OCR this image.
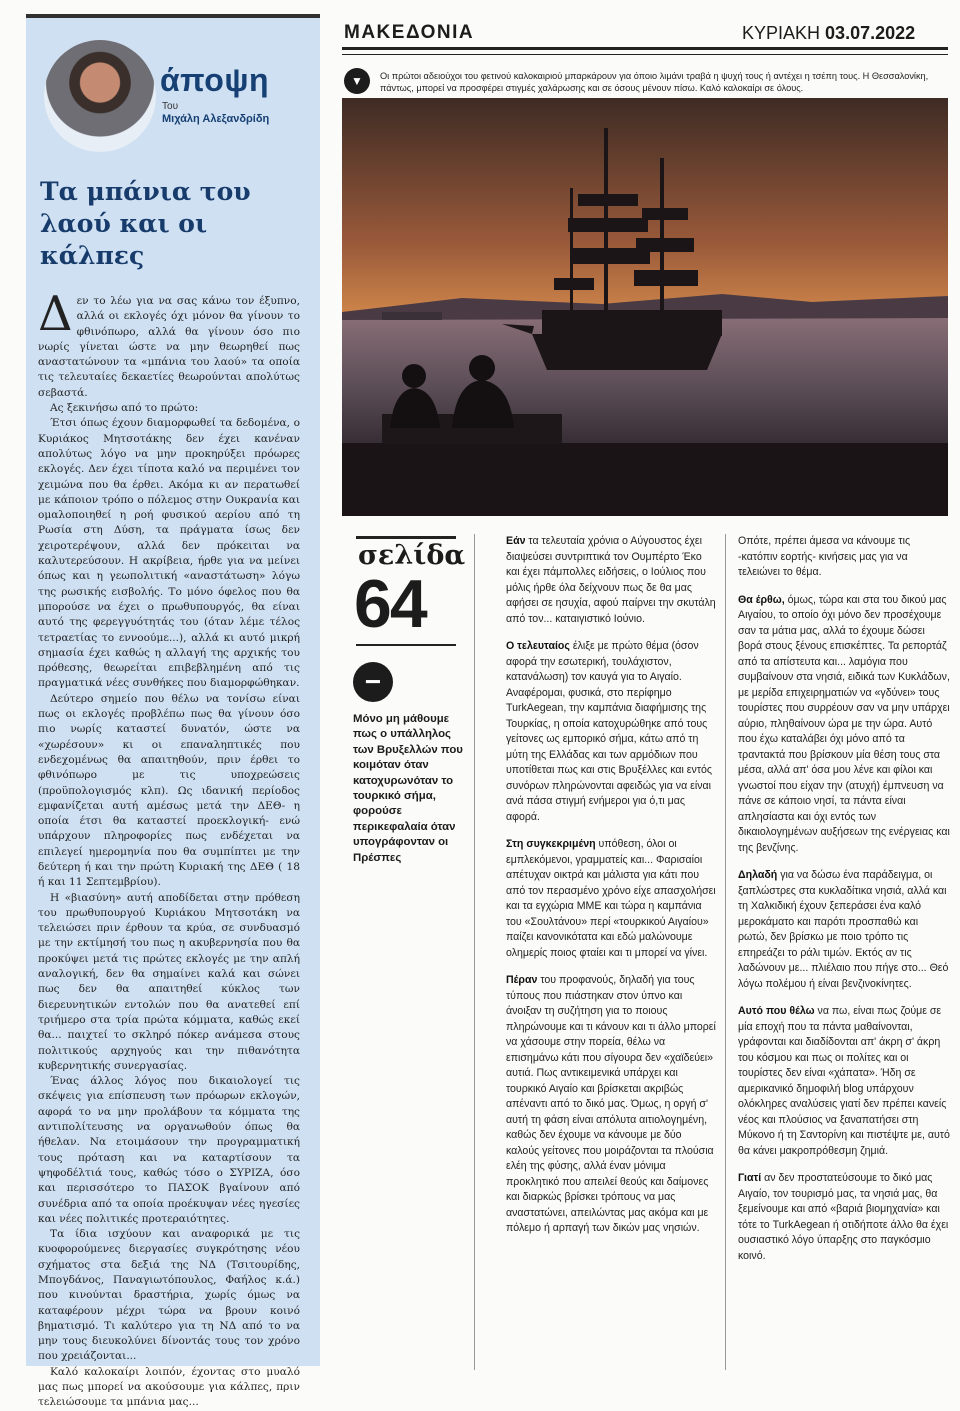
άποψη
Του
Μιχάλη Αλεξανδρίδη
Τα μπάνια του λαού και οι κάλπες

Δεν το λέω για να σας κάνω τον έξυπνο, αλλά οι εκλογές όχι μόνον θα γίνουν το φθινόπωρο, αλλά θα γίνουν όσο πιο νωρίς γίνεται ώστε να μην θεωρηθεί πως αναστατώνουν τα «μπάνια του λαού» τα οποία τις τελευταίες δεκαετίες θεωρούνται απολύτως σεβαστά.

Ας ξεκινήσω από το πρώτο:

Έτσι όπως έχουν διαμορφωθεί τα δεδομένα, ο Κυριάκος Μητσοτάκης δεν έχει κανέναν απολύτως λόγο να μην προκηρύξει πρόωρες εκλογές. Δεν έχει τίποτα καλό να περιμένει τον χειμώνα που θα έρθει. Ακόμα κι αν περατωθεί με κάποιον τρόπο ο πόλεμος στην Ουκρανία και ομαλοποιηθεί η ροή φυσικού αερίου από τη Ρωσία στη Δύση, τα πράγματα ίσως δεν χειροτερέψουν, αλλά δεν πρόκειται να καλυτερεύσουν. Η ακρίβεια, ήρθε για να μείνει όπως και η γεωπολιτική «αναστάτωση» λόγω της ρωσικής εισβολής. Το μόνο όφελος που θα μπορούσε να έχει ο πρωθυπουργός, θα είναι αυτό της φερεγγυότητάς του (όταν λέμε τέλος τετραετίας το εννοούμε...), αλλά κι αυτό μικρή σημασία έχει καθώς η αλλαγή της αρχικής του πρόθεσης, θεωρείται επιβεβλημένη από τις πραγματικά νέες συνθήκες που διαμορφώθηκαν.

Δεύτερο σημείο που θέλω να τονίσω είναι πως οι εκλογές προβλέπω πως θα γίνουν όσο πιο νωρίς καταστεί δυνατόν, ώστε να «χωρέσουν» κι οι επαναληπτικές που ενδεχομένως θα απαιτηθούν, πριν έρθει το φθινόπωρο με τις υποχρεώσεις (προϋπολογισμός κλπ). Ως ιδανική περίοδος εμφανίζεται αυτή αμέσως μετά την ΔΕΘ- η οποία έτσι θα καταστεί προεκλογική- ενώ υπάρχουν πληροφορίες πως ενδέχεται να επιλεγεί ημερομηνία που θα συμπίπτει με την δεύτερη ή και την πρώτη Κυριακή της ΔΕΘ ( 18 ή και 11 Σεπτεμβρίου).

Η «βιασύνη» αυτή αποδίδεται στην πρόθεση του πρωθυπουργού Κυριάκου Μητσοτάκη να τελειώσει πριν έρθουν τα κρύα, σε συνδυασμό με την εκτίμησή του πως η ακυβερνησία που θα προκύψει μετά τις πρώτες εκλογές με την απλή αναλογική, δεν θα σημαίνει καλά και σώνει πως δεν θα απαιτηθεί κύκλος των διερευνητικών εντολών που θα ανατεθεί επί τριήμερο στα τρία πρώτα κόμματα, καθώς εκεί θα... παιχτεί το σκληρό πόκερ ανάμεσα στους πολιτικούς αρχηγούς και την πιθανότητα κυβερνητικής συνεργασίας.

Ένας άλλος λόγος που δικαιολογεί τις σκέψεις για επίσπευση των πρόωρων εκλογών, αφορά το να μην προλάβουν τα κόμματα της αντιπολίτευσης να οργανωθούν όπως θα ήθελαν. Να ετοιμάσουν την προγραμματική τους πρόταση και να καταρτίσουν τα ψηφοδέλτιά τους, καθώς τόσο ο ΣΥΡΙΖΑ, όσο και περισσότερο το ΠΑΣΟΚ βγαίνουν από συνέδρια από τα οποία προέκυψαν νέες ηγεσίες και νέες πολιτικές προτεραιότητες.

Τα ίδια ισχύουν και αναφορικά με τις κυοφορούμενες διεργασίες συγκρότησης νέου σχήματος στα δεξιά της ΝΔ (Τσιτουρίδης, Μπογδάνος, Παναγιωτόπουλος, Φαήλος κ.ά.) που κινούνται δραστήρια, χωρίς όμως να καταφέρουν μέχρι τώρα να βρουν κοινό βηματισμό. Τι καλύτερο για τη ΝΔ από το να μην τους διευκολύνει δίνοντάς τους τον χρόνο που χρειάζονται...

Καλό καλοκαίρι λοιπόν, έχοντας στο μυαλό μας πως μπορεί να ακούσουμε για κάλπες, πριν τελειώσουμε τα μπάνια μας...

ΜΑΚΕΔΟΝΙΑ	ΚΥΡΙΑΚΗ 03.07.2022
▼	Οι πρώτοι αδειούχοι του φετινού καλοκαιριού μπαρκάρουν για όποιο λιμάνι τραβά η ψυχή τους ή αντέχει η τσέπη τους. Η Θεσσαλονίκη, πάντως, μπορεί να προσφέρει στιγμές χαλάρωσης και σε όσους μένουν πίσω. Καλό καλοκαίρι σε όλους.
σελίδα
64
−
Μόνο μη μάθουμε πως ο υπάλληλος των Βρυξελλών που κοιμόταν όταν κατοχυρωνόταν το τουρκικό σήμα, φορούσε περικεφαλαία όταν υπογράφονταν οι Πρέσπες

Εάν τα τελευταία χρόνια ο Αύγουστος έχει διαψεύσει συντριπτικά τον Ουμπέρτο Έκο και έχει πάμπολλες ειδήσεις, ο Ιούλιος που μόλις ήρθε όλα δείχνουν πως δε θα μας αφήσει σε ησυχία, αφού παίρνει την σκυτάλη από τον... καταιγιστικό Ιούνιο.

Ο τελευταίος έλιξε με πρώτο θέμα (όσον αφορά την εσωτερική, τουλάχιστον, κατανάλωση) τον καυγά για το Αιγαίο. Αναφέρομαι, φυσικά, στο περίφημο TurkAegean, την καμπάνια διαφήμισης της Τουρκίας, η οποία κατοχυρώθηκε από τους γείτονες ως εμπορικό σήμα, κάτω από τη μύτη της Ελλάδας και των αρμόδιων που υποτίθεται πως και στις Βρυξέλλες και εντός συνόρων πληρώνονται αφειδώς για να είναι ανά πάσα στιγμή ενήμεροι για ό,τι μας αφορά.

Στη συγκεκριμένη υπόθεση, όλοι οι εμπλεκόμενοι, γραμματείς και... Φαρισαίοι απέτυχαν οικτρά και μάλιστα για κάτι που από τον περασμένο χρόνο είχε απασχολήσει και τα εγχώρια ΜΜΕ και τώρα η καμπάνια του «Σουλτάνου» περί «τουρκικού Αιγαίου» παίζει κανονικότατα και εδώ μαλώνουμε ολημερίς ποιος φταίει και τι μπορεί να γίνει.

Πέραν του προφανούς, δηλαδή για τους τύπους που πιάστηκαν στον ύπνο και άνοιξαν τη συζήτηση για το ποιους πληρώνουμε και τι κάνουν και τι άλλο μπορεί να χάσουμε στην πορεία, θέλω να επισημάνω κάτι που σίγουρα δεν «χαϊδεύει» αυτιά. Πως αντικειμενικά υπάρχει και τουρκικό Αιγαίο και βρίσκεται ακριβώς απέναντι από το δικό μας. Όμως, η οργή σ' αυτή τη φάση είναι απόλυτα αιτιολογημένη, καθώς δεν έχουμε να κάνουμε με δύο καλούς γείτονες που μοιράζονται τα πλούσια ελέη της φύσης, αλλά έναν μόνιμα προκλητικό που απειλεί θεούς και δαίμονες και διαρκώς βρίσκει τρόπους να μας αναστατώνει, απειλώντας μας ακόμα και με πόλεμο ή αρπαγή των δικών μας νησιών.

Οπότε, πρέπει άμεσα να κάνουμε τις -κατόπιν εορτής- κινήσεις μας για να τελειώνει το θέμα.

Θα έρθω, όμως, τώρα και στα του δικού μας Αιγαίου, το οποίο όχι μόνο δεν προσέχουμε σαν τα μάτια μας, αλλά το έχουμε δώσει βορά στους ξένους επισκέπτες. Τα ρεπορτάζ από τα απίστευτα και... λαμόγια που συμβαίνουν στα νησιά, ειδικά των Κυκλάδων, με μερίδα επιχειρηματιών να «γδύνει» τους τουρίστες που συρρέουν σαν να μην υπάρχει αύριο, πληθαίνουν ώρα με την ώρα. Αυτό που έχω καταλάβει όχι μόνο από τα τραντακτά που βρίσκουν μία θέση τους στα μέσα, αλλά απ' όσα μου λένε και φίλοι και γνωστοί που είχαν την (ατυχή) έμπνευση να πάνε σε κάποιο νησί, τα πάντα είναι απλησίαστα και όχι εντός των δικαιολογημένων αυξήσεων της ενέργειας και της βενζίνης.

Δηλαδή για να δώσω ένα παράδειγμα, οι ξαπλώστρες στα κυκλαδίτικα νησιά, αλλά και τη Χαλκιδική έχουν ξεπεράσει ένα καλό μεροκάματο και παρότι προσπαθώ και ρωτώ, δεν βρίσκω με ποιο τρόπο τις επηρεάζει το ράλι τιμών. Εκτός αν τις λαδώνουν με... πλιέλαιο που πήγε στο... Θεό λόγω πολέμου ή είναι βενζινοκίνητες.

Αυτό που θέλω να πω, είναι πως ζούμε σε μία εποχή που τα πάντα μαθαίνονται, γράφονται και διαδίδονται απ' άκρη σ' άκρη του κόσμου και πως οι πολίτες και οι τουρίστες δεν είναι «χάπατα». Ήδη σε αμερικανικό δημοφιλή blog υπάρχουν ολόκληρες αναλύσεις γιατί δεν πρέπει κανείς νέος και πλούσιος να ξαναπατήσει στη Μύκονο ή τη Σαντορίνη και πιστέψτε με, αυτό θα κάνει μακροπρόθεσμη ζημιά.

Γιατί αν δεν προστατεύσουμε το δικό μας Αιγαίο, τον τουρισμό μας, τα νησιά μας, θα ξεμείνουμε και από «βαριά βιομηχανία» και τότε το TurkAegean ή οτιδήποτε άλλο θα έχει ουσιαστικό λόγο ύπαρξης στο παγκόσμιο κοινό.
